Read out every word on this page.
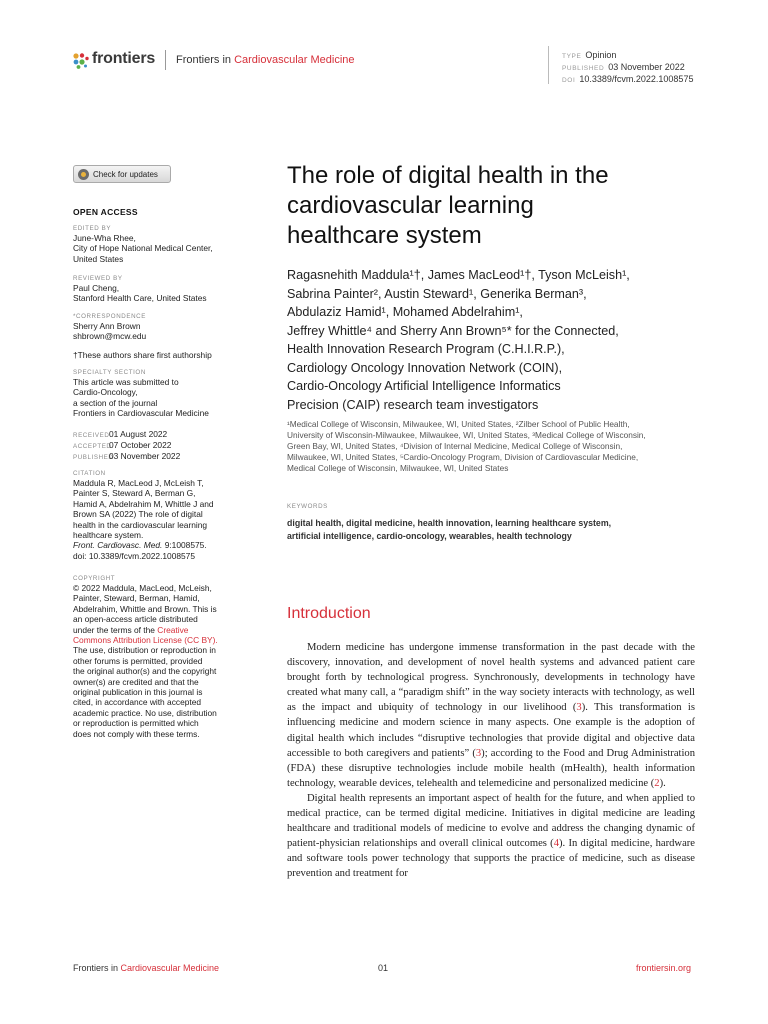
frontiers Frontiers in Cardiovascular Medicine	TYPE Opinion
PUBLISHED 03 November 2022
DOI 10.3389/fcvm.2022.1008575
Check for updates
OPEN ACCESS
EDITED BY
June-Wha Rhee,
City of Hope National Medical Center,
United States
REVIEWED BY
Paul Cheng,
Stanford Health Care, United States
*CORRESPONDENCE
Sherry Ann Brown
shbrown@mcw.edu
†These authors share first authorship
SPECIALTY SECTION
This article was submitted to
Cardio-Oncology,
a section of the journal
Frontiers in Cardiovascular Medicine
RECEIVED01 August 2022
ACCEPTED07 October 2022
PUBLISHED03 November 2022
CITATION
Maddula R, MacLeod J, McLeish T,
Painter S, Steward A, Berman G,
Hamid A, Abdelrahim M, Whittle J and
Brown SA (2022) The role of digital
health in the cardiovascular learning
healthcare system.
Front. Cardiovasc. Med. 9:1008575.
doi: 10.3389/fcvm.2022.1008575
COPYRIGHT
© 2022 Maddula, MacLeod, McLeish,
Painter, Steward, Berman, Hamid,
Abdelrahim, Whittle and Brown. This is
an open-access article distributed
under the terms of the Creative
Commons Attribution License (CC BY).
The use, distribution or reproduction in
other forums is permitted, provided
the original author(s) and the copyright
owner(s) are credited and that the
original publication in this journal is
cited, in accordance with accepted
academic practice. No use, distribution
or reproduction is permitted which
does not comply with these terms.
The role of digital health in the
cardiovascular learning
healthcare system
Ragasnehith Maddula¹†, James MacLeod¹†, Tyson McLeish¹,
Sabrina Painter², Austin Steward¹, Generika Berman³,
Abdulaziz Hamid¹, Mohamed Abdelrahim¹,
Jeffrey Whittle⁴ and Sherry Ann Brown⁵* for the Connected,
Health Innovation Research Program (C.H.I.R.P.),
Cardiology Oncology Innovation Network (COIN),
Cardio-Oncology Artificial Intelligence Informatics
Precision (CAIP) research team investigators
¹Medical College of Wisconsin, Milwaukee, WI, United States, ²Zilber School of Public Health,
University of Wisconsin-Milwaukee, Milwaukee, WI, United States, ³Medical College of Wisconsin,
Green Bay, WI, United States, ⁴Division of Internal Medicine, Medical College of Wisconsin,
Milwaukee, WI, United States, ⁵Cardio-Oncology Program, Division of Cardiovascular Medicine,
Medical College of Wisconsin, Milwaukee, WI, United States
KEYWORDS
digital health, digital medicine, health innovation, learning healthcare system,
artificial intelligence, cardio-oncology, wearables, health technology
Introduction

Modern medicine has undergone immense transformation in the past decade with the discovery, innovation, and development of novel health systems and advanced patient care brought forth by technological progress. Synchronously, developments in technology have created what many call, a “paradigm shift” in the way society interacts with technology, as well as the impact and ubiquity of technology in our livelihood (3). This transformation is influencing medicine and modern science in many aspects. One example is the adoption of digital health which includes “disruptive technologies that provide digital and objective data accessible to both caregivers and patients” (3); according to the Food and Drug Administration (FDA) these disruptive technologies include mobile health (mHealth), health information technology, wearable devices, telehealth and telemedicine and personalized medicine (2).

Digital health represents an important aspect of health for the future, and when applied to medical practice, can be termed digital medicine. Initiatives in digital medicine are leading healthcare and traditional models of medicine to evolve and address the changing dynamic of patient-physician relationships and overall clinical outcomes (4). In digital medicine, hardware and software tools power technology that supports the practice of medicine, such as disease prevention and treatment for

Frontiers in Cardiovascular Medicine	01	frontiersin.org
